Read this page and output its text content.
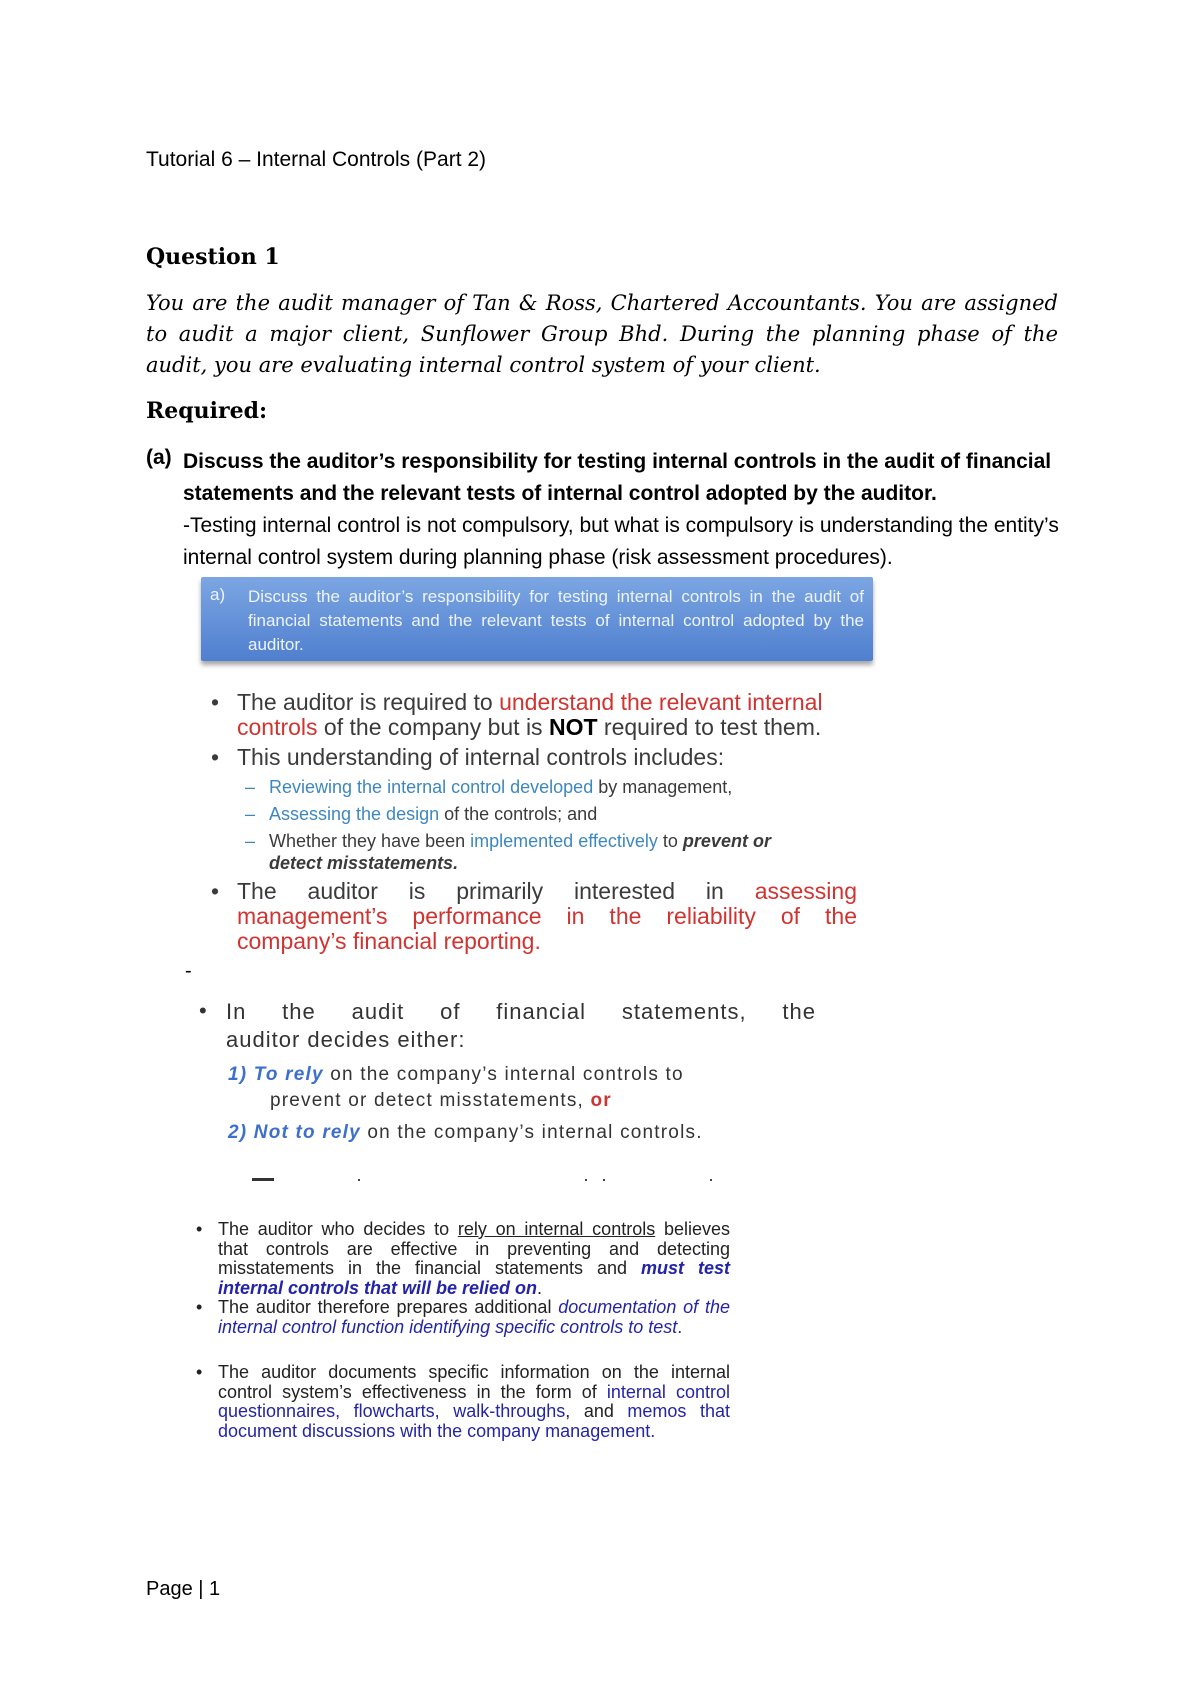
Tutorial 6 – Internal Controls (Part 2)
Question 1
You are the audit manager of Tan & Ross, Chartered Accountants. You are assigned to audit a major client, Sunflower Group Bhd. During the planning phase of the audit, you are evaluating internal control system of your client.
Required:
(a) Discuss the auditor’s responsibility for testing internal controls in the audit of financial statements and the relevant tests of internal control adopted by the auditor.
-Testing internal control is not compulsory, but what is compulsory is understanding the entity’s internal control system during planning phase (risk assessment procedures).
a) Discuss the auditor’s responsibility for testing internal controls in the audit of financial statements and the relevant tests of internal control adopted by the auditor.
• The auditor is required to understand the relevant internal
controls of the company but is NOT required to test them.
• This understanding of internal controls includes:
– Reviewing the internal control developed by management,
– Assessing the design of the controls; and
– Whether they have been implemented effectively to prevent or
detect misstatements.
• The auditor is primarily interested in assessing
management’s performance in the reliability of the
company’s financial reporting.
-
• In the audit of financial statements, the
auditor decides either:
1) To rely on the company’s internal controls to
prevent or detect misstatements, or
2) Not to rely on the company’s internal controls.
• The auditor who decides to rely on internal controls believes that controls are effective in preventing and detecting misstatements in the financial statements and must test internal controls that will be relied on.
• The auditor therefore prepares additional documentation of the internal control function identifying specific controls to test.
• The auditor documents specific information on the internal control system’s effectiveness in the form of internal control questionnaires, flowcharts, walk-throughs, and memos that document discussions with the company management.
Page | 1
